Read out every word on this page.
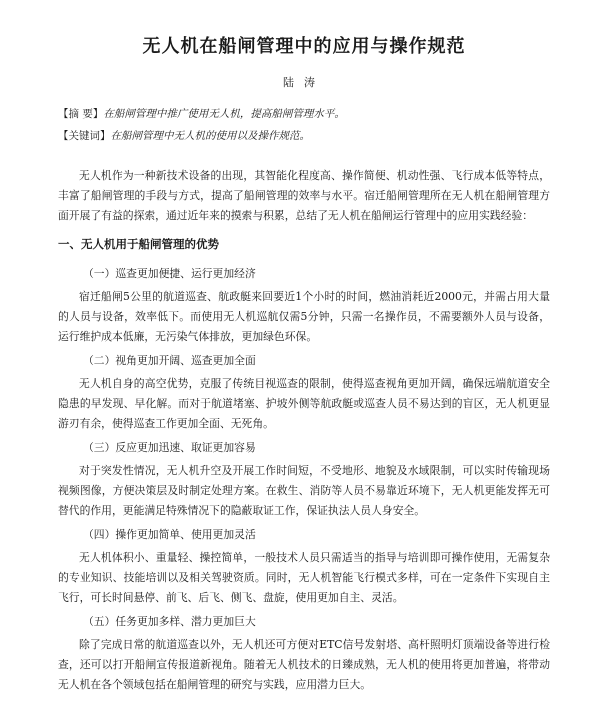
无人机在船闸管理中的应用与操作规范
陆涛
【摘 要】在船闸管理中推广使用无人机，提高船闸管理水平。
【关键词】在船闸管理中无人机的使用以及操作规范。

无人机作为一种新技术设备的出现，其智能化程度高、操作简便、机动性强、飞行成本低等特点，丰富了船闸管理的手段与方式，提高了船闸管理的效率与水平。宿迁船闸管理所在无人机在船闸管理方面开展了有益的探索，通过近年来的摸索与积累，总结了无人机在船闸运行管理中的应用实践经验：

一、无人机用于船闸管理的优势
（一）巡查更加便捷、运行更加经济

宿迁船闸5公里的航道巡查、航政艇来回要近1个小时的时间，燃油消耗近2000元，并需占用大量的人员与设备，效率低下。而使用无人机巡航仅需5分钟，只需一名操作员，不需要额外人员与设备，运行维护成本低廉，无污染气体排放，更加绿色环保。

（二）视角更加开阔、巡查更加全面

无人机自身的高空优势，克服了传统目视巡查的限制，使得巡查视角更加开阔，确保远端航道安全隐患的早发现、早化解。而对于航道堵塞、护坡外侧等航政艇或巡查人员不易达到的盲区，无人机更显游刃有余，使得巡查工作更加全面、无死角。

（三）反应更加迅速、取证更加容易

对于突发性情况，无人机升空及开展工作时间短，不受地形、地貌及水域限制，可以实时传输现场视频图像，方便决策层及时制定处理方案。在救生、消防等人员不易靠近环境下，无人机更能发挥无可替代的作用，更能满足特殊情况下的隐蔽取证工作，保证执法人员人身安全。

（四）操作更加简单、使用更加灵活

无人机体积小、重量轻、操控简单，一般技术人员只需适当的指导与培训即可操作使用，无需复杂的专业知识、技能培训以及相关驾驶资质。同时，无人机智能飞行模式多样，可在一定条件下实现自主飞行，可长时间悬停、前飞、后飞、侧飞、盘旋，使用更加自主、灵活。

（五）任务更加多样、潜力更加巨大

除了完成日常的航道巡查以外，无人机还可方便对ETC信号发射塔、高杆照明灯顶端设备等进行检查，还可以打开船闸宣传报道新视角。随着无人机技术的日臻成熟，无人机的使用将更加普遍，将带动无人机在各个领域包括在船闸管理的研究与实践，应用潜力巨大。
